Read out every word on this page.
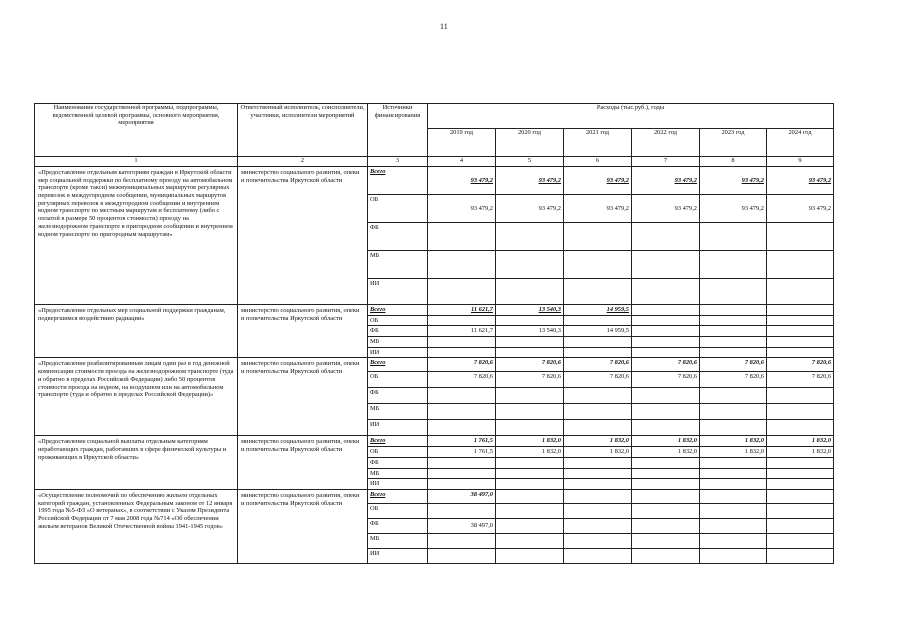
11
Наименование государственной программы, подпрограммы, ведомственной целевой программы, основного мероприятия, мероприятия	Ответственный исполнитель, соисполнители, участники, исполнители мероприятий	Источники финансирования	Расходы (тыс.руб.), годы					
			2019 год	2020 год	2021 год	2022 год	2023 год	2024 год
1	2	3	4	5	6	7	8	9
«Предоставление отдельным категориям граждан в Иркутской области мер социальной поддержки по бесплатному проезду на автомобильном транспорте (кроме такси) межмуниципальных маршрутов регулярных перевозок в междугородном сообщении, муниципальных маршрутов регулярных перевозок в междугородном сообщении и внутреннем водном транспорте по местным маршрутам и бесплатному (либо с оплатой в размере 50 процентов стоимости) проезду на железнодорожном транспорте в пригородном сообщении и внутреннем водном транспорте по пригородным маршрутам»	министерство социального развития, опеки и попечительства Иркутской области	Всего	93 479,2	93 479,2	93 479,2	93 479,2	93 479,2	93 479,2
		ОБ	93 479,2	93 479,2	93 479,2	93 479,2	93 479,2	93 479,2
		ФБ						
		МБ						
		ИИ						
«Предоставление отдельных мер социальной поддержки гражданам, подвергшимся воздействию радиации»	министерство социального развития, опеки и попечительства Иркутской области	Всего	11 621,7	13 540,3	14 959,5			
		ОБ						
		ФБ	11 621,7	13 540,3	14 959,5			
		МБ						
		ИИ						
«Предоставление реабилитированным лицам один раз в год денежной компенсации стоимости проезда на железнодорожном транспорте (туда и обратно в пределах Российской Федерации) либо 50 процентов стоимости проезда на водном, на воздушном или на автомобильном транспорте (туда и обратно в пределах Российской Федерации)»	министерство социального развития, опеки и попечительства Иркутской области	Всего	7 820,6	7 820,6	7 820,6	7 820,6	7 820,6	7 820,6
		ОБ	7 820,6	7 820,6	7 820,6	7 820,6	7 820,6	7 820,6
		ФБ						
		МБ						
		ИИ						
«Предоставление социальной выплаты отдельным категориям неработающих граждан, работавших в сфере физической культуры и проживающих в Иркутской области»	министерство социального развития, опеки и попечительства Иркутской области	Всего	1 761,5	1 832,0	1 832,0	1 832,0	1 832,0	1 832,0
		ОБ	1 761,5	1 832,0	1 832,0	1 832,0	1 832,0	1 832,0
		ФБ						
		МБ						
		ИИ						
«Осуществление полномочий по обеспечению жильем отдельных категорий граждан, установленных Федеральным законом от 12 января 1995 года №5-ФЗ «О ветеранах», в соответствии с Указом Президента Российской Федерации от 7 мая 2008 года №714 «Об обеспечении жильем ветеранов Великой Отечественной войны 1941-1945 годов»	министерство социального развития, опеки и попечительства Иркутской области	Всего	38 497,0					
		ОБ						
		ФБ	38 497,0					
		МБ						
		ИИ						
